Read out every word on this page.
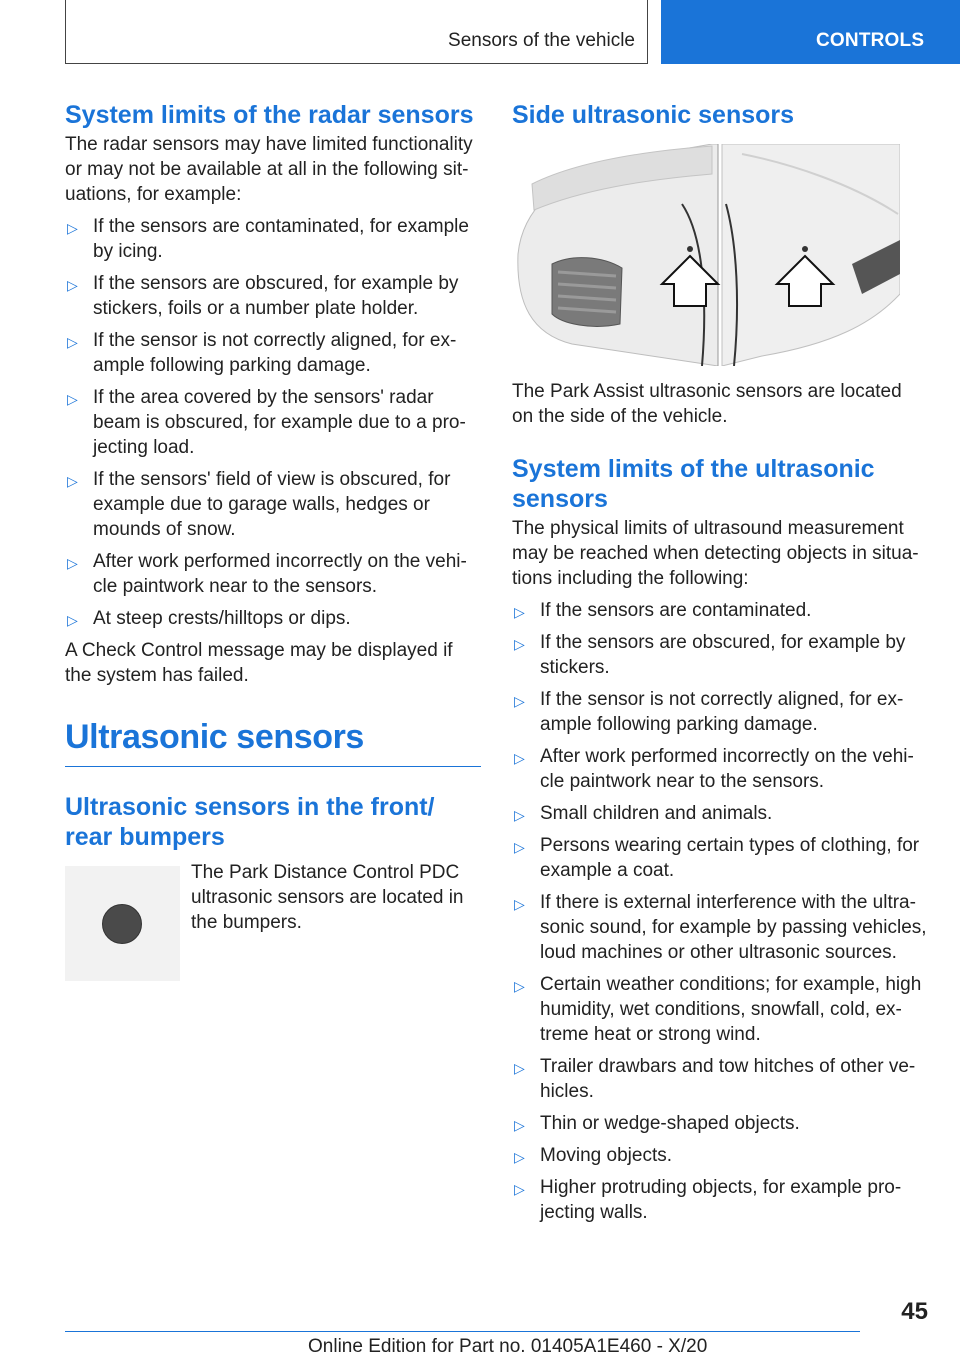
Sensors of the vehicle	CONTROLS
System limits of the radar sensors

The radar sensors may have limited functionality or may not be available at all in the following sit-uations, for example:

▷ If the sensors are contaminated, for example by icing.
▷ If the sensors are obscured, for example by stickers, foils or a number plate holder.
▷ If the sensor is not correctly aligned, for ex-ample following parking damage.
▷ If the area covered by the sensors' radar beam is obscured, for example due to a pro-jecting load.
▷ If the sensors' field of view is obscured, for example due to garage walls, hedges or mounds of snow.
▷ After work performed incorrectly on the vehi-cle paintwork near to the sensors.
▷ At steep crests/hilltops or dips.

A Check Control message may be displayed if the system has failed.

Ultrasonic sensors
Ultrasonic sensors in the front/ rear bumpers
The Park Distance Control PDC ultrasonic sensors are located in the bumpers.
Side ultrasonic sensors

The Park Assist ultrasonic sensors are located on the side of the vehicle.

System limits of the ultrasonic sensors

The physical limits of ultrasound measurement may be reached when detecting objects in situa-tions including the following:

▷ If the sensors are contaminated.
▷ If the sensors are obscured, for example by stickers.
▷ If the sensor is not correctly aligned, for ex-ample following parking damage.
▷ After work performed incorrectly on the vehi-cle paintwork near to the sensors.
▷ Small children and animals.
▷ Persons wearing certain types of clothing, for example a coat.
▷ If there is external interference with the ultra-sonic sound, for example by passing vehicles, loud machines or other ultrasonic sources.
▷ Certain weather conditions; for example, high humidity, wet conditions, snowfall, cold, ex-treme heat or strong wind.
▷ Trailer drawbars and tow hitches of other ve-hicles.
▷ Thin or wedge-shaped objects.
▷ Moving objects.
▷ Higher protruding objects, for example pro-jecting walls.
45
Online Edition for Part no. 01405A1E460 - X/20
